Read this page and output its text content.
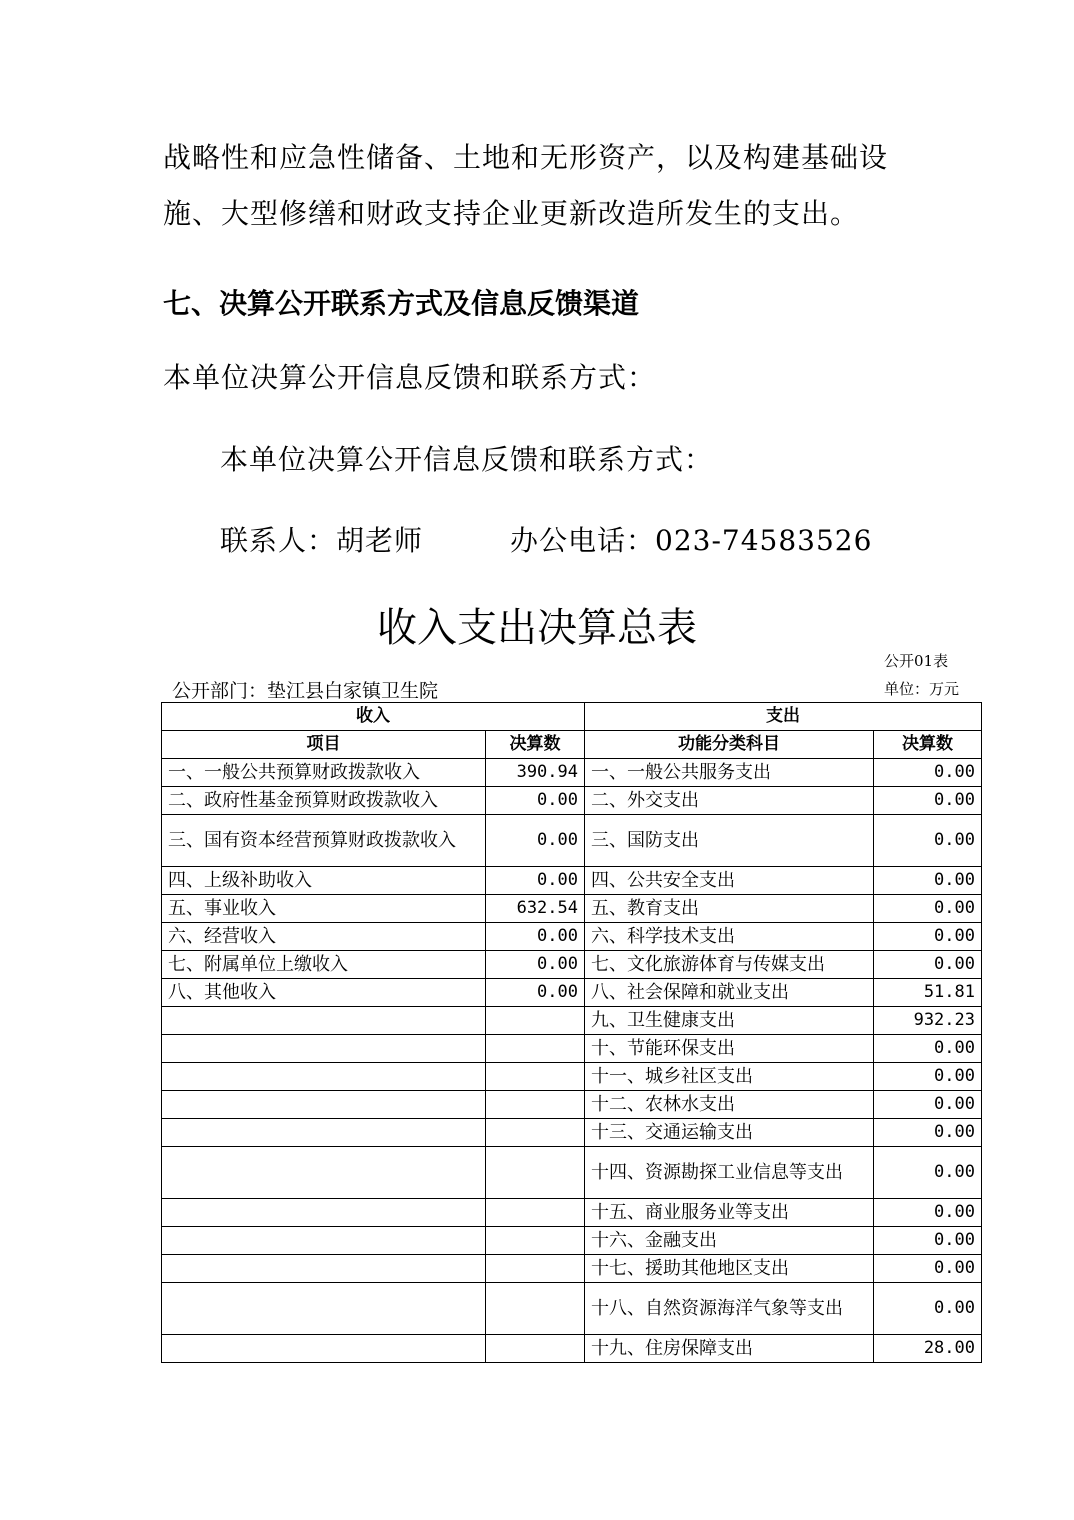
战略性和应急性储备、土地和无形资产，以及构建基础设
施、大型修缮和财政支持企业更新改造所发生的支出。
七、决算公开联系方式及信息反馈渠道
本单位决算公开信息反馈和联系方式：
本单位决算公开信息反馈和联系方式：
联系人：胡老师	办公电话：023-74583526
收入支出决算总表
公开01表
单位：万元
公开部门：垫江县白家镇卫生院
收入		支出	
项目	决算数	功能分类科目	决算数
一、一般公共预算财政拨款收入	390.94	一、一般公共服务支出	0.00
二、政府性基金预算财政拨款收入	0.00	二、外交支出	0.00
三、国有资本经营预算财政拨款收入	0.00	三、国防支出	0.00
四、上级补助收入	0.00	四、公共安全支出	0.00
五、事业收入	632.54	五、教育支出	0.00
六、经营收入	0.00	六、科学技术支出	0.00
七、附属单位上缴收入	0.00	七、文化旅游体育与传媒支出	0.00
八、其他收入	0.00	八、社会保障和就业支出	51.81
		九、卫生健康支出	932.23
		十、节能环保支出	0.00
		十一、城乡社区支出	0.00
		十二、农林水支出	0.00
		十三、交通运输支出	0.00
		十四、资源勘探工业信息等支出	0.00
		十五、商业服务业等支出	0.00
		十六、金融支出	0.00
		十七、援助其他地区支出	0.00
		十八、自然资源海洋气象等支出	0.00
		十九、住房保障支出	28.00
